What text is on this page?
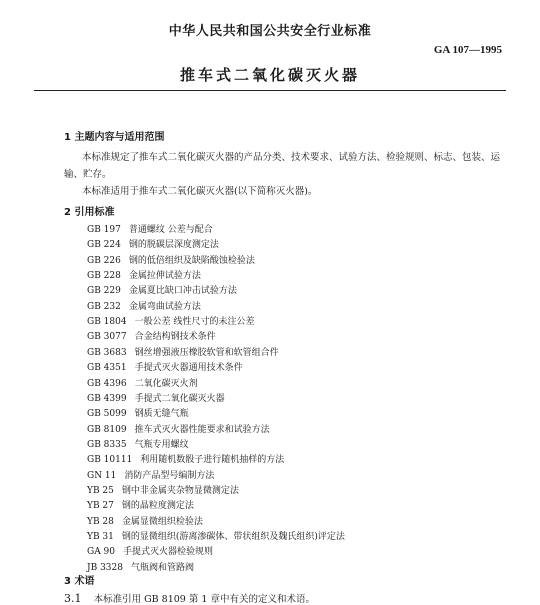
中华人民共和国公共安全行业标准
GA 107—1995
推车式二氧化碳灭火器
1 主题内容与适用范围
本标准规定了推车式二氧化碳灭火器的产品分类、技术要求、试验方法、检验规则、标志、包装、运
输、贮存。
本标准适用于推车式二氧化碳灭火器(以下简称灭火器)。
2 引用标准
GB 197 普通螺纹 公差与配合
GB 224 钢的脱碳层深度测定法
GB 226 钢的低倍组织及缺陷酸蚀检验法
GB 228 金属拉伸试验方法
GB 229 金属夏比缺口冲击试验方法
GB 232 金属弯曲试验方法
GB 1804 一般公差 线性尺寸的未注公差
GB 3077 合金结构钢技术条件
GB 3683 钢丝增强液压橡胶软管和软管组合件
GB 4351 手提式灭火器通用技术条件
GB 4396 二氧化碳灭火剂
GB 4399 手提式二氧化碳灭火器
GB 5099 钢质无缝气瓶
GB 8109 推车式灭火器性能要求和试验方法
GB 8335 气瓶专用螺纹
GB 10111 利用随机数骰子进行随机抽样的方法
GN 11 消防产品型号编制方法
YB 25 钢中非金属夹杂物显微测定法
YB 27 钢的晶粒度测定法
YB 28 金属显微组织检验法
YB 31 钢的显微组织(游离渗碳体、带状组织及魏氏组织)评定法
GA 90 手提式灭火器检验规则
JB 3328 气瓶阀和管路阀
3 术语
3.1 本标准引用 GB 8109 第 1 章中有关的定义和术语。
